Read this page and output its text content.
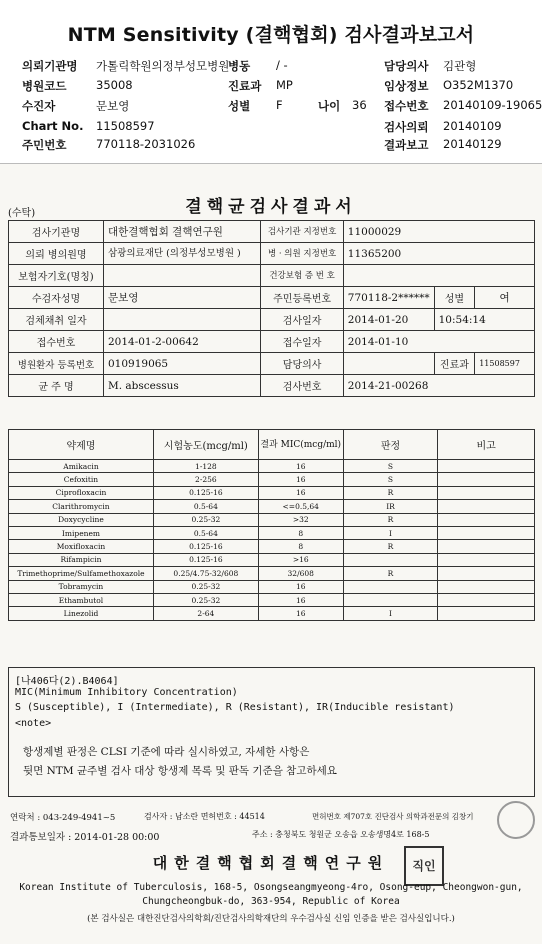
NTM Sensitivity (결핵협회) 검사결과보고서
의뢰기관명 가톨릭학원의정부성모병원
병원코드	35008
수진자	문보영
Chart No. 11508597
주민번호	770118-2031026
병동 / -
진료과 MP
성별 F	나이 36
담당의사 김관형
임상정보 O352M1370
접수번호 20140109-19065
검사의뢰 20140109
결과보고 20140129
(수탁)	결핵균검사결과서
검사기관명	대한결핵협회 결핵연구원	검사기관 지정번호	11000029		
의뢰 병의원명	삼광의료재단 (의정부성모병원 )	병 · 의원 지정번호	11365200		
보험자기호(명칭)		건강보험 증 번 호			
수검자성명	문보영	주민등록번호	770118-2******	성별	여
검체채취 일자		검사일자	2014-01-20	10:54:14	
접수번호	2014-01-2-00642	접수일자	2014-01-10		
병원환자 등록번호	010919065	담당의사		진료과	11508597
균 주 명	M. abscessus	검사번호	2014-21-00268		
약제명	시험농도(mcg/ml)	결과 MIC(mcg/ml)	판정	비고
Amikacin	1-128	16	S	
Cefoxitin	2-256	16	S	
Ciprofloxacin	0.125-16	16	R	
Clarithromycin	0.5-64	<=0.5,64	IR	
Doxycycline	0.25-32	>32	R	
Imipenem	0.5-64	8	I	
Moxifloxacin	0.125-16	8	R	
Rifampicin	0.125-16	>16		
Trimethoprime/Sulfamethoxazole	0.25/4.75-32/608	32/608	R	
Tobramycin	0.25-32	16		
Ethambutol	0.25-32	16		
Linezolid	2-64	16	I	
[나406다(2).B4064]
MIC(Minimum Inhibitory Concentration)
S (Susceptible), I (Intermediate), R (Resistant), IR(Inducible resistant)
<note>
항생제별 판정은 CLSI 기준에 따라 실시하였고, 자세한 사항은
뒷면 NTM 균주별 검사 대상 항생제 목록 및 판독 기준을 참고하세요
연락처 : 043-249-4941~5	검사자 : 남소란 면허번호 : 44514	면허번호 제707호 진단검사 의학과전문의 김창기
결과통보일자 : 2014-01-28 00:00	주소 : 충청북도 청원군 오송읍 오송생명4로 168-5
대한결핵협회결핵연구원	직인
Korean Institute of Tuberculosis, 168-5, Osongseangmyeong-4ro, Osong-eup, Cheongwon-gun,
Chungcheongbuk-do, 363-954, Republic of Korea
(본 검사실은 대한진단검사의학회/진단검사의학재단의 우수검사실 신임 인증을 받은 검사실입니다.)
